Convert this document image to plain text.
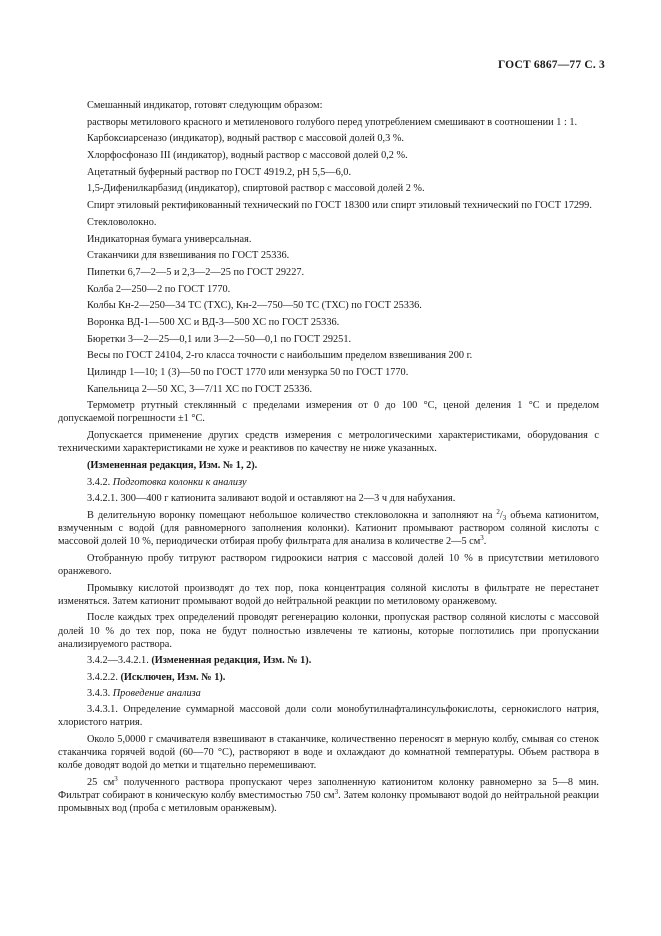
ГОСТ 6867—77 С. 3

Смешанный индикатор, готовят следующим образом:

растворы метилового красного и метиленового голубого перед употреблением смешивают в соотношении 1 : 1.

Карбоксиарсеназо (индикатор), водный раствор с массовой долей 0,3 %.

Хлорфосфоназо III (индикатор), водный раствор с массовой долей 0,2 %.

Ацетатный буферный раствор по ГОСТ 4919.2, рН 5,5—6,0.

1,5-Дифенилкарбазид (индикатор), спиртовой раствор с массовой долей 2 %.

Спирт этиловый ректификованный технический по ГОСТ 18300 или спирт этиловый технический по ГОСТ 17299.

Стекловолокно.

Индикаторная бумага универсальная.

Стаканчики для взвешивания по ГОСТ 25336.

Пипетки 6,7—2—5 и 2,3—2—25 по ГОСТ 29227.

Колба 2—250—2 по ГОСТ 1770.

Колбы Кн-2—250—34 ТС (ТХС), Кн-2—750—50 ТС (ТХС) по ГОСТ 25336.

Воронка ВД-1—500 ХС и ВД-3—500 ХС по ГОСТ 25336.

Бюретки 3—2—25—0,1 или 3—2—50—0,1 по ГОСТ 29251.

Весы по ГОСТ 24104, 2-го класса точности с наибольшим пределом взвешивания 200 г.

Цилиндр 1—10; 1 (3)—50 по ГОСТ 1770 или мензурка 50 по ГОСТ 1770.

Капельница 2—50 ХС, 3—7/11 ХС по ГОСТ 25336.

Термометр ртутный стеклянный с пределами измерения от 0 до 100 °С, ценой деления 1 °С и пределом допускаемой погрешности ±1 °С.

Допускается применение других средств измерения с метрологическими характеристиками, оборудования с техническими характеристиками не хуже и реактивов по качеству не ниже указанных.

(Измененная редакция, Изм. № 1, 2).

3.4.2. Подготовка колонки к анализу

3.4.2.1. 300—400 г катионита заливают водой и оставляют на 2—3 ч для набухания.

В делительную воронку помещают небольшое количество стекловолокна и заполняют на $^2/_3$ объема катионитом, взмученным с водой (для равномерного заполнения колонки). Катионит промывают раствором соляной кислоты с массовой долей 10 %, периодически отбирая пробу фильтрата для анализа в количестве 2—5 $см^3$.

Отобранную пробу титруют раствором гидроокиси натрия с массовой долей 10 % в присутствии метилового оранжевого.

Промывку кислотой производят до тех пор, пока концентрация соляной кислоты в фильтрате не перестанет изменяться. Затем катионит промывают водой до нейтральной реакции по метиловому оранжевому.

После каждых трех определений проводят регенерацию колонки, пропуская раствор соляной кислоты с массовой долей 10 % до тех пор, пока не будут полностью извлечены те катионы, которые поглотились при пропускании анализируемого раствора.

3.4.2—3.4.2.1. (Измененная редакция, Изм. № 1).

3.4.2.2. (Исключен, Изм. № 1).

3.4.3. Проведение анализа

3.4.3.1. Определение суммарной массовой доли соли монобутилнафталинсульфокислоты, сернокислого натрия, хлористого натрия.

Около 5,0000 г смачивателя взвешивают в стаканчике, количественно переносят в мерную колбу, смывая со стенок стаканчика горячей водой (60—70 °С), растворяют в воде и охлаждают до комнатной температуры. Объем раствора в колбе доводят водой до метки и тщательно перемешивают.

25 $см^3$ полученного раствора пропускают через заполненную катионитом колонку равномерно за 5—8 мин. Фильтрат собирают в коническую колбу вместимостью 750 $см^3$. Затем колонку промывают водой до нейтральной реакции промывных вод (проба с метиловым оранжевым).
